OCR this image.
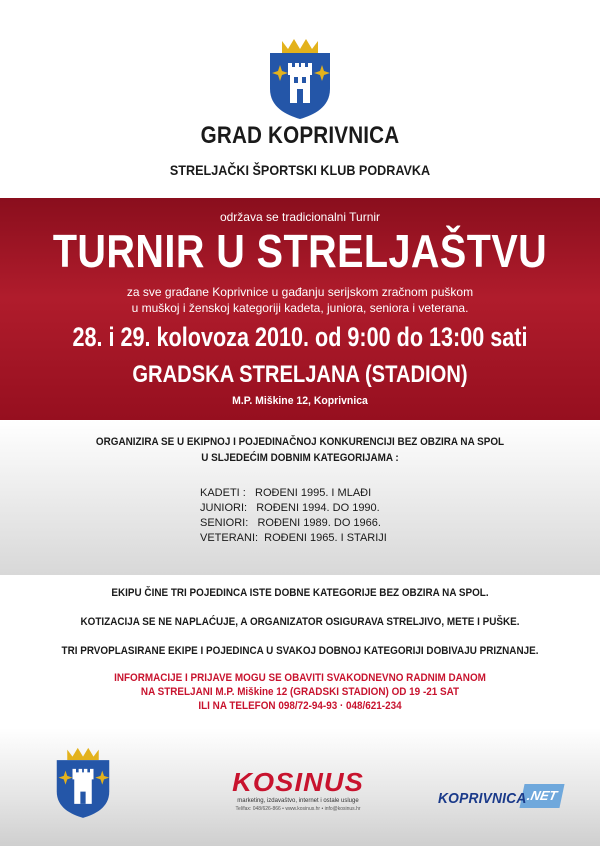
GRAD KOPRIVNICA
STRELJAČKI ŠPORTSKI KLUB PODRAVKA
održava se tradicionalni Turnir
TURNIR U STRELJAŠTVU
za sve građane Koprivnice u gađanju serijskom zračnom puškom
u muškoj i ženskoj kategoriji kadeta, juniora, seniora i veterana.
28. i 29. kolovoza 2010. od 9:00 do 13:00 sati
GRADSKA STRELJANA (STADION)
M.P. Miškine 12, Koprivnica
ORGANIZIRA SE U EKIPNOJ I POJEDINAČNOJ KONKURENCIJI BEZ OBZIRA NA SPOL
U SLJEDEĆIM DOBNIM KATEGORIJAMA :
KADETI :   ROĐENI 1995. I MLAĐI
JUNIORI:   ROĐENI 1994. DO 1990.
SENIORI:   ROĐENI 1989. DO 1966.
VETERANI:  ROĐENI 1965. I STARIJI
EKIPU ČINE TRI POJEDINCA ISTE DOBNE KATEGORIJE BEZ OBZIRA NA SPOL.
KOTIZACIJA SE NE NAPLAĆUJE, A ORGANIZATOR OSIGURAVA STRELJIVO, METE I PUŠKE.
TRI PRVOPLASIRANE EKIPE I POJEDINCA U SVAKOJ DOBNOJ KATEGORIJI DOBIVAJU PRIZNANJE.
INFORMACIJE I PRIJAVE MOGU SE OBAVITI SVAKODNEVNO RADNIM DANOM
NA STRELJANI M.P. Miškine 12 (GRADSKI STADION) OD 19 -21 SAT
ILI NA TELEFON 098/72-94-93 · 048/621-234
KOSINUS
marketing, izdavaštvo, internet i ostale usluge
Tel/fax: 048/626-866 • www.kosinus.hr • info@kosinus.hr
.NET
KOPRIVNICA
